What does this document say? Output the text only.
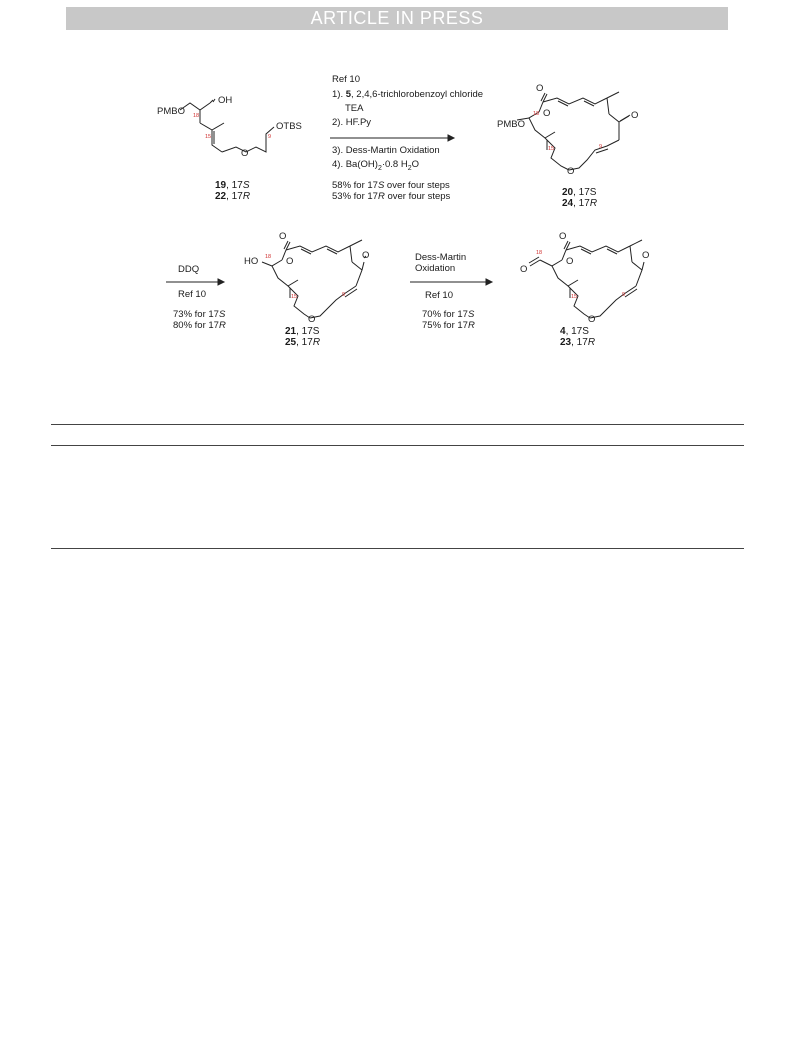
ARTICLE IN PRESS
PMBO
OH
O
OTBS
18
15	9
19, 17S
22, 17R
Ref 10
1). 5, 2,4,6-trichlorobenzoyl chloride
TEA
2). HF.Py
3). Dess-Martin Oxidation
4). $Ba(OH)_2\cdot 0.8$ $H_2O$
58% for 17S over four steps
53% for 17R over four steps
PMBO
O
O	O
O
18
15	9
20, 17S
24, 17R
DDQ
Ref 10
73% for 17S
80% for 17R
HO
O
O
O
O
18
15	9
21, 17S
25, 17R
Dess-Martin
Oxidation
Ref 10
70% for 17S
75% for 17R
O
O
O
O
O
18
15	9
4, 17S
23, 17R
